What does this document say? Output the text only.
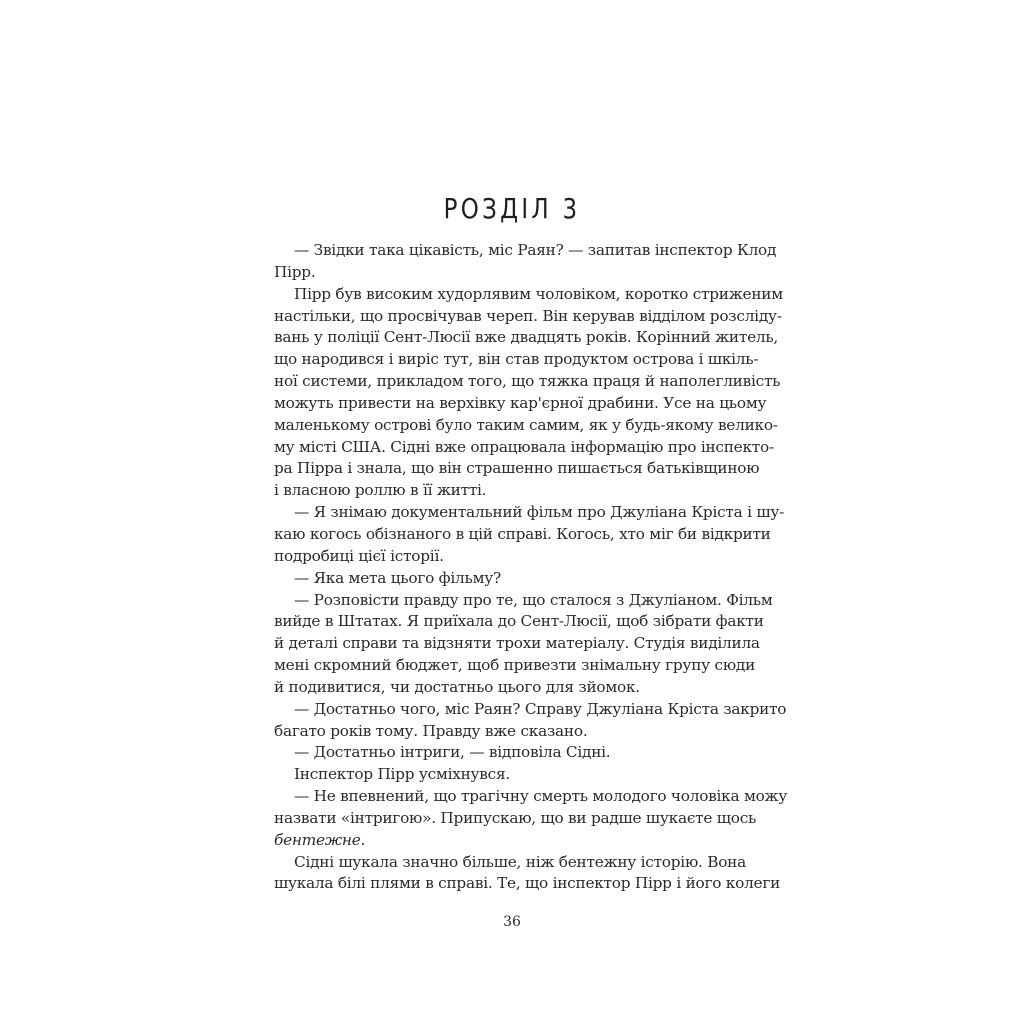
РОЗДІЛ 3
— Звідки така цікавість, міс Раян? — запитав інспектор Клод
Пірр.
Пірр був високим худорлявим чоловіком, коротко стриженим
настільки, що просвічував череп. Він керував відділом розсліду-
вань у поліції Сент-Люсії вже двадцять років. Корінний житель,
що народився і виріс тут, він став продуктом острова і шкіль-
ної системи, прикладом того, що тяжка праця й наполегливість
можуть привести на верхівку кар'єрної драбини. Усе на цьому
маленькому острові було таким самим, як у будь-якому велико-
му місті США. Сідні вже опрацювала інформацію про інспекто-
ра Пірра і знала, що він страшенно пишається батьківщиною
і власною роллю в її житті.
— Я знімаю документальний фільм про Джуліана Кріста і шу-
каю когось обізнаного в цій справі. Когось, хто міг би відкрити
подробиці цієї історії.
— Яка мета цього фільму?
— Розповісти правду про те, що сталося з Джуліаном. Фільм
вийде в Штатах. Я приїхала до Сент-Люсії, щоб зібрати факти
й деталі справи та відзняти трохи матеріалу. Студія виділила
мені скромний бюджет, щоб привезти знімальну групу сюди
й подивитися, чи достатньо цього для зйомок.
— Достатньо чого, міс Раян? Справу Джуліана Кріста закрито
багато років тому. Правду вже сказано.
— Достатньо інтриги, — відповіла Сідні.
Інспектор Пірр усміхнувся.
— Не впевнений, що трагічну смерть молодого чоловіка можу
назвати «інтригою». Припускаю, що ви радше шукаєте щось
бентежне.
Сідні шукала значно більше, ніж бентежну історію. Вона
шукала білі плями в справі. Те, що інспектор Пірр і його колеги
36
